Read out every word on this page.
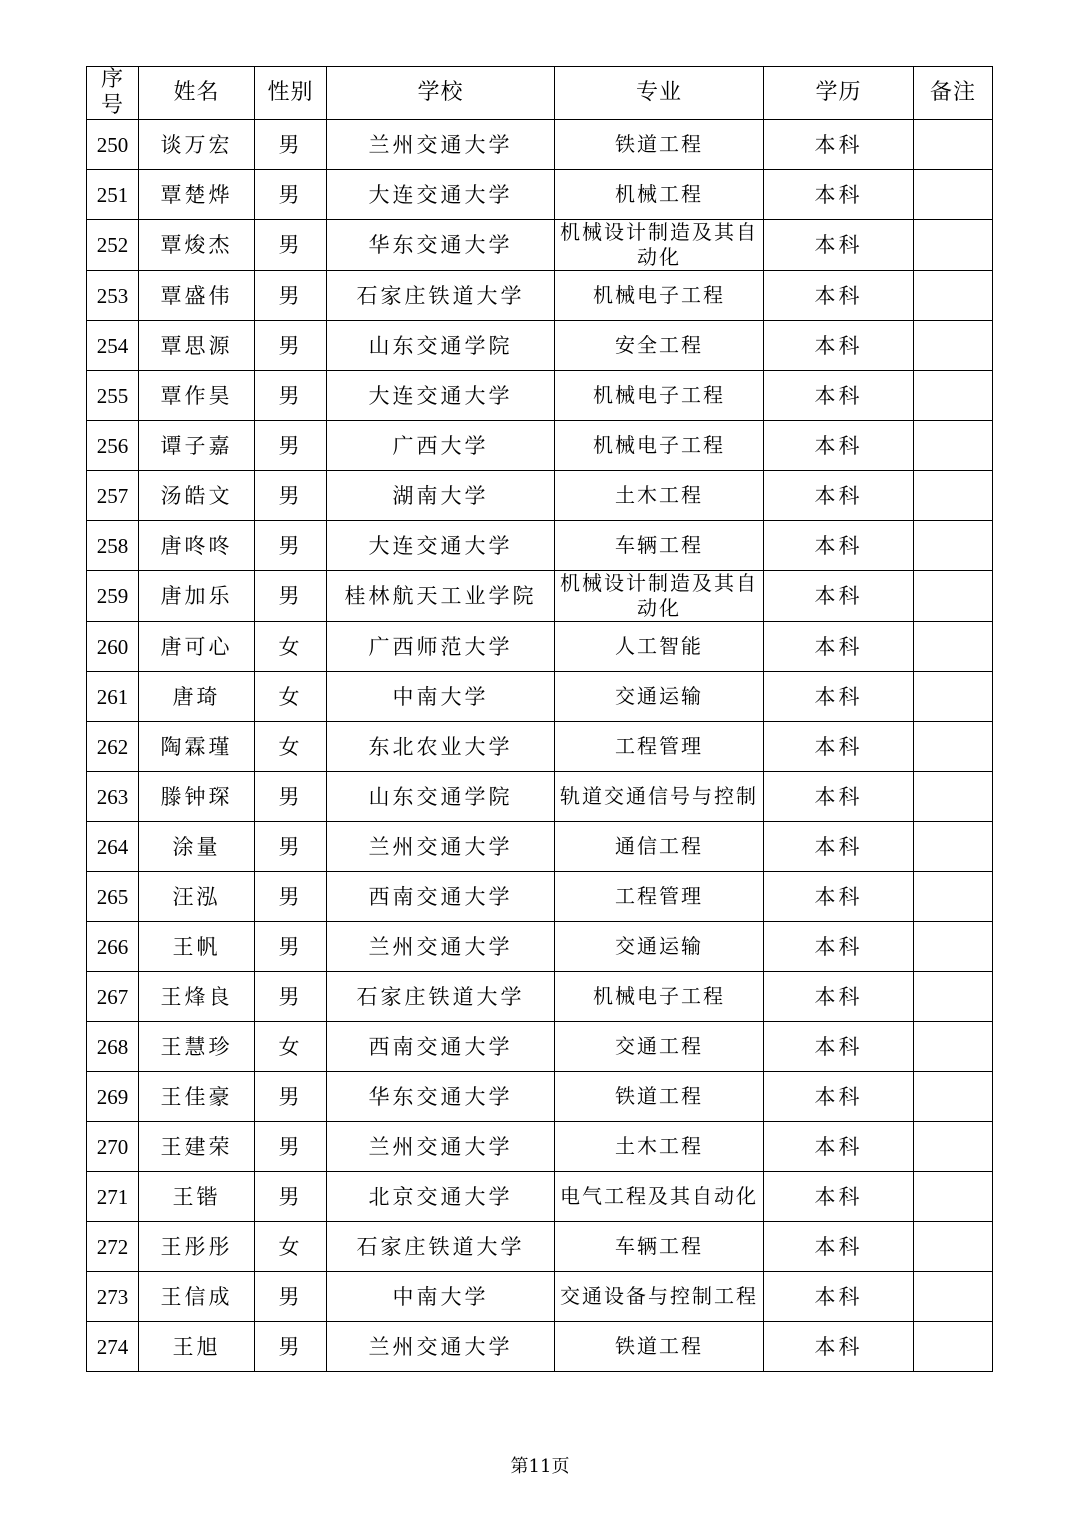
序号	姓名	性别	学校	专业	学历	备注
250	谈万宏	男	兰州交通大学	铁道工程	本科	
251	覃楚烨	男	大连交通大学	机械工程	本科	
252	覃焌杰	男	华东交通大学	机械设计制造及其自动化	本科	
253	覃盛伟	男	石家庄铁道大学	机械电子工程	本科	
254	覃思源	男	山东交通学院	安全工程	本科	
255	覃作昊	男	大连交通大学	机械电子工程	本科	
256	谭子嘉	男	广西大学	机械电子工程	本科	
257	汤皓文	男	湖南大学	土木工程	本科	
258	唐咚咚	男	大连交通大学	车辆工程	本科	
259	唐加乐	男	桂林航天工业学院	机械设计制造及其自动化	本科	
260	唐可心	女	广西师范大学	人工智能	本科	
261	唐琦	女	中南大学	交通运输	本科	
262	陶霖瑾	女	东北农业大学	工程管理	本科	
263	滕钟琛	男	山东交通学院	轨道交通信号与控制	本科	
264	涂量	男	兰州交通大学	通信工程	本科	
265	汪泓	男	西南交通大学	工程管理	本科	
266	王帆	男	兰州交通大学	交通运输	本科	
267	王烽良	男	石家庄铁道大学	机械电子工程	本科	
268	王慧珍	女	西南交通大学	交通工程	本科	
269	王佳豪	男	华东交通大学	铁道工程	本科	
270	王建荣	男	兰州交通大学	土木工程	本科	
271	王锴	男	北京交通大学	电气工程及其自动化	本科	
272	王彤彤	女	石家庄铁道大学	车辆工程	本科	
273	王信成	男	中南大学	交通设备与控制工程	本科	
274	王旭	男	兰州交通大学	铁道工程	本科	
第11页
